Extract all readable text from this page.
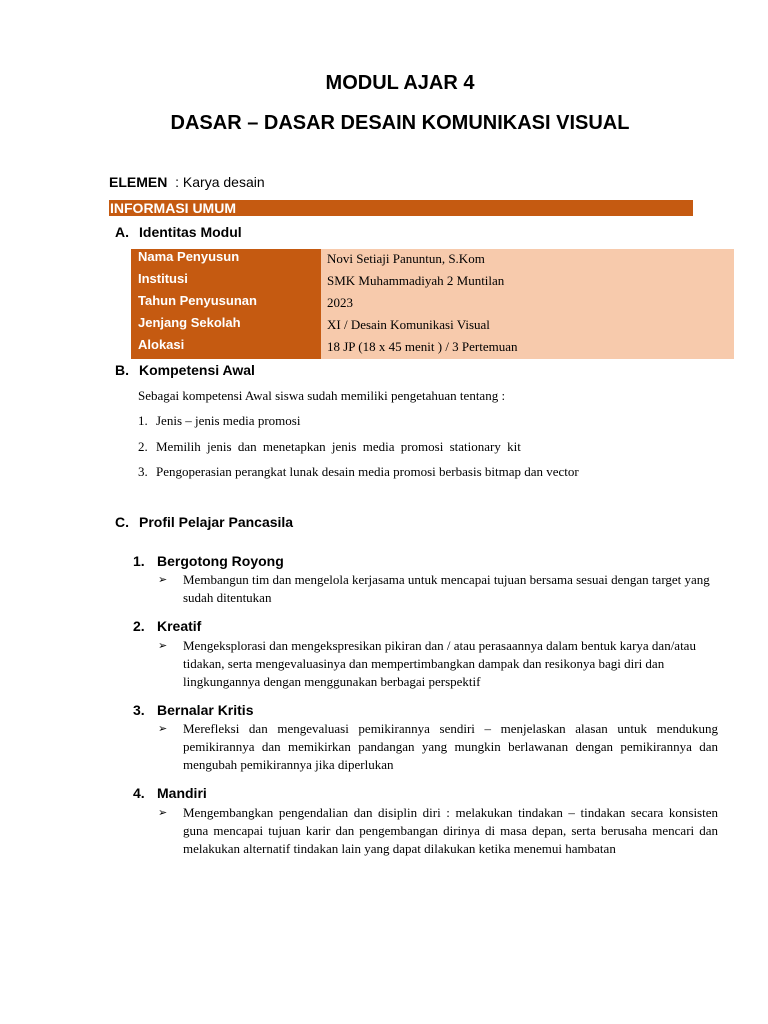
MODUL AJAR 4
DASAR – DASAR DESAIN KOMUNIKASI VISUAL
ELEMEN : Karya desain
INFORMASI UMUM
A. Identitas Modul
Nama Penyusun	Novi Setiaji Panuntun, S.Kom
Institusi	SMK Muhammadiyah 2 Muntilan
Tahun Penyusunan	2023
Jenjang Sekolah	XI / Desain Komunikasi Visual
Alokasi	18 JP (18 x 45 menit ) / 3 Pertemuan
B. Kompetensi Awal
Sebagai kompetensi Awal siswa sudah memiliki pengetahuan tentang :
1. Jenis – jenis media promosi
2. Memilih jenis dan menetapkan jenis media promosi stationary kit
3. Pengoperasian perangkat lunak desain media promosi berbasis bitmap dan vector
C. Profil Pelajar Pancasila
1. Bergotong Royong
➢ Membangun tim dan mengelola kerjasama untuk mencapai tujuan bersama sesuai dengan target yang sudah ditentukan
2. Kreatif
➢ Mengeksplorasi dan mengekspresikan pikiran dan / atau perasaannya dalam bentuk karya dan/atau tidakan, serta mengevaluasinya dan mempertimbangkan dampak dan resikonya bagi diri dan lingkungannya dengan menggunakan berbagai perspektif
3. Bernalar Kritis
➢ Merefleksi dan mengevaluasi pemikirannya sendiri – menjelaskan alasan untuk mendukung pemikirannya dan memikirkan pandangan yang mungkin berlawanan dengan pemikirannya dan mengubah pemikirannya jika diperlukan
4. Mandiri
➢ Mengembangkan pengendalian dan disiplin diri : melakukan tindakan – tindakan secara konsisten guna mencapai tujuan karir dan pengembangan dirinya di masa depan, serta berusaha mencari dan melakukan alternatif tindakan lain yang dapat dilakukan ketika menemui hambatan
